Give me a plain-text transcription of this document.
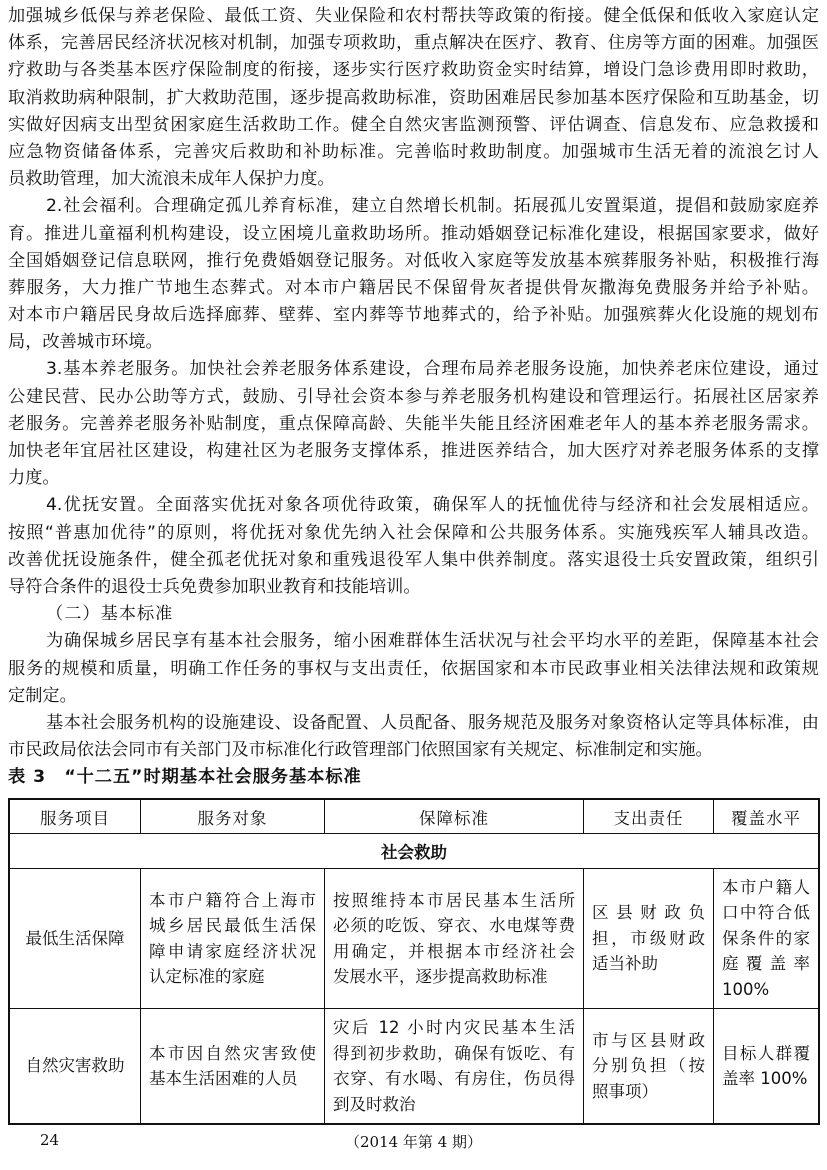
加强城乡低保与养老保险、最低工资、失业保险和农村帮扶等政策的衔接。健全低保和低收入家庭认定
体系，完善居民经济状况核对机制，加强专项救助，重点解决在医疗、教育、住房等方面的困难。加强医
疗救助与各类基本医疗保险制度的衔接，逐步实行医疗救助资金实时结算，增设门急诊费用即时救助，
取消救助病种限制，扩大救助范围，逐步提高救助标准，资助困难居民参加基本医疗保险和互助基金，切
实做好因病支出型贫困家庭生活救助工作。健全自然灾害监测预警、评估调查、信息发布、应急救援和
应急物资储备体系，完善灾后救助和补助标准。完善临时救助制度。加强城市生活无着的流浪乞讨人
员救助管理，加大流浪未成年人保护力度。
2.社会福利。合理确定孤儿养育标准，建立自然增长机制。拓展孤儿安置渠道，提倡和鼓励家庭养
育。推进儿童福利机构建设，设立困境儿童救助场所。推动婚姻登记标准化建设，根据国家要求，做好
全国婚姻登记信息联网，推行免费婚姻登记服务。对低收入家庭等发放基本殡葬服务补贴，积极推行海
葬服务，大力推广节地生态葬式。对本市户籍居民不保留骨灰者提供骨灰撒海免费服务并给予补贴。
对本市户籍居民身故后选择廊葬、壁葬、室内葬等节地葬式的，给予补贴。加强殡葬火化设施的规划布
局，改善城市环境。
3.基本养老服务。加快社会养老服务体系建设，合理布局养老服务设施，加快养老床位建设，通过
公建民营、民办公助等方式，鼓励、引导社会资本参与养老服务机构建设和管理运行。拓展社区居家养
老服务。完善养老服务补贴制度，重点保障高龄、失能半失能且经济困难老年人的基本养老服务需求。
加快老年宜居社区建设，构建社区为老服务支撑体系，推进医养结合，加大医疗对养老服务体系的支撑
力度。
4.优抚安置。全面落实优抚对象各项优待政策，确保军人的抚恤优待与经济和社会发展相适应。
按照“普惠加优待”的原则，将优抚对象优先纳入社会保障和公共服务体系。实施残疾军人辅具改造。
改善优抚设施条件，健全孤老优抚对象和重残退役军人集中供养制度。落实退役士兵安置政策，组织引
导符合条件的退役士兵免费参加职业教育和技能培训。
（二）基本标准
为确保城乡居民享有基本社会服务，缩小困难群体生活状况与社会平均水平的差距，保障基本社会
服务的规模和质量，明确工作任务的事权与支出责任，依据国家和本市民政事业相关法律法规和政策规
定制定。
基本社会服务机构的设施建设、设备配置、人员配备、服务规范及服务对象资格认定等具体标准，由
市民政局依法会同市有关部门及市标准化行政管理部门依照国家有关规定、标准制定和实施。
表 3　“十二五”时期基本社会服务基本标准
服务项目	服务对象	保障标准	支出责任	覆盖水平
社会救助				

最低生活保障	本市户籍符合上海市
城乡居民最低生活保
障申请家庭经济状况
认定标准的家庭	按照维持本市居民基本生活所
必须的吃饭、穿衣、水电煤等费
用确定，并根据本市经济社会
发展水平，逐步提高救助标准	区县财政负
担，市级财政
适当补助	本市户籍人
口中符合低
保条件的家
庭覆盖率
100%

自然灾害救助	本市因自然灾害致使
基本生活困难的人员	灾后 12 小时内灾民基本生活
得到初步救助，确保有饭吃、有
衣穿、有水喝、有房住，伤员得
到及时救治	市与区县财政
分别负担（按
照事项）	目标人群覆
盖率 100%
24	（2014 年第 4 期）
